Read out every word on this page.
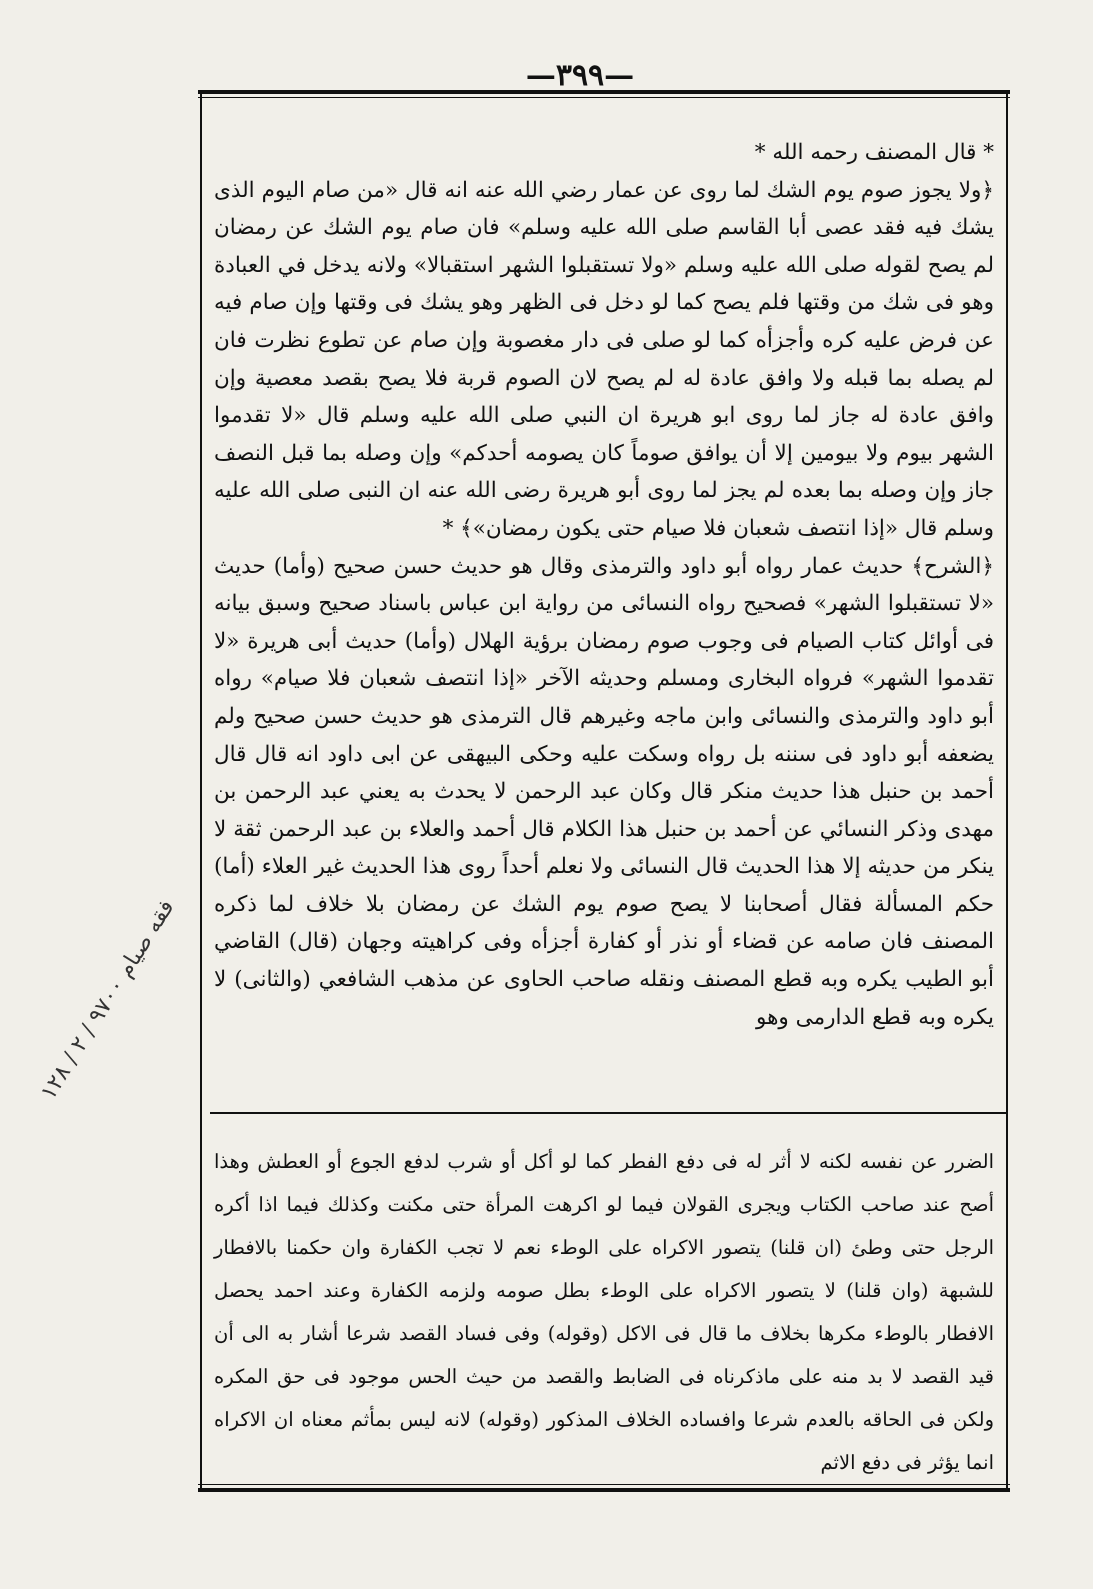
—٣٩٩—

* قال المصنف رحمه الله *

﴿ولا يجوز صوم يوم الشك لما روى عن عمار رضي الله عنه انه قال «من صام اليوم الذى يشك فيه فقد عصى أبا القاسم صلى الله عليه وسلم» فان صام يوم الشك عن رمضان لم يصح لقوله صلى الله عليه وسلم «ولا تستقبلوا الشهر استقبالا» ولانه يدخل في العبادة وهو فى شك من وقتها فلم يصح كما لو دخل فى الظهر وهو يشك فى وقتها وإن صام فيه عن فرض عليه كره وأجزأه كما لو صلى فى دار مغصوبة وإن صام عن تطوع نظرت فان لم يصله بما قبله ولا وافق عادة له لم يصح لان الصوم قربة فلا يصح بقصد معصية وإن وافق عادة له جاز لما روى ابو هريرة ان النبي صلى الله عليه وسلم قال «لا تقدموا الشهر بيوم ولا بيومين إلا أن يوافق صوماً كان يصومه أحدكم» وإن وصله بما قبل النصف جاز وإن وصله بما بعده لم يجز لما روى أبو هريرة رضى الله عنه ان النبى صلى الله عليه وسلم قال «إذا انتصف شعبان فلا صيام حتى يكون رمضان»﴾ *

﴿الشرح﴾ حديث عمار رواه أبو داود والترمذى وقال هو حديث حسن صحيح (وأما) حديث «لا تستقبلوا الشهر» فصحيح رواه النسائى من رواية ابن عباس باسناد صحيح وسبق بيانه فى أوائل كتاب الصيام فى وجوب صوم رمضان برؤية الهلال (وأما) حديث أبى هريرة «لا تقدموا الشهر» فرواه البخارى ومسلم وحديثه الآخر «إذا انتصف شعبان فلا صيام» رواه أبو داود والترمذى والنسائى وابن ماجه وغيرهم قال الترمذى هو حديث حسن صحيح ولم يضعفه أبو داود فى سننه بل رواه وسكت عليه وحكى البيهقى عن ابى داود انه قال قال أحمد بن حنبل هذا حديث منكر قال وكان عبد الرحمن لا يحدث به يعني عبد الرحمن بن مهدى وذكر النسائي عن أحمد بن حنبل هذا الكلام قال أحمد والعلاء بن عبد الرحمن ثقة لا ينكر من حديثه إلا هذا الحديث قال النسائى ولا نعلم أحداً روى هذا الحديث غير العلاء (أما) حكم المسألة فقال أصحابنا لا يصح صوم يوم الشك عن رمضان بلا خلاف لما ذكره المصنف فان صامه عن قضاء أو نذر أو كفارة أجزأه وفى كراهيته وجهان (قال) القاضي أبو الطيب يكره وبه قطع المصنف ونقله صاحب الحاوى عن مذهب الشافعي (والثانى) لا يكره وبه قطع الدارمى وهو

الضرر عن نفسه لكنه لا أثر له فى دفع الفطر كما لو أكل أو شرب لدفع الجوع أو العطش وهذا أصح عند صاحب الكتاب ويجرى القولان فيما لو اكرهت المرأة حتى مكنت وكذلك فيما اذا أكره الرجل حتى وطئ (ان قلنا) يتصور الاكراه على الوطء نعم لا تجب الكفارة وان حكمنا بالافطار للشبهة (وان قلنا) لا يتصور الاكراه على الوطء بطل صومه ولزمه الكفارة وعند احمد يحصل الافطار بالوطء مكرها بخلاف ما قال فى الاكل (وقوله) وفى فساد القصد شرعا أشار به الى أن قيد القصد لا بد منه على ماذكرناه فى الضابط والقصد من حيث الحس موجود فى حق المكره ولكن فى الحاقه بالعدم شرعا وافساده الخلاف المذكور (وقوله) لانه ليس بمأثم معناه ان الاكراه انما يؤثر فى دفع الاثم

فقه صيام ٩٧٠٠ / ٢ / ١٢٨
